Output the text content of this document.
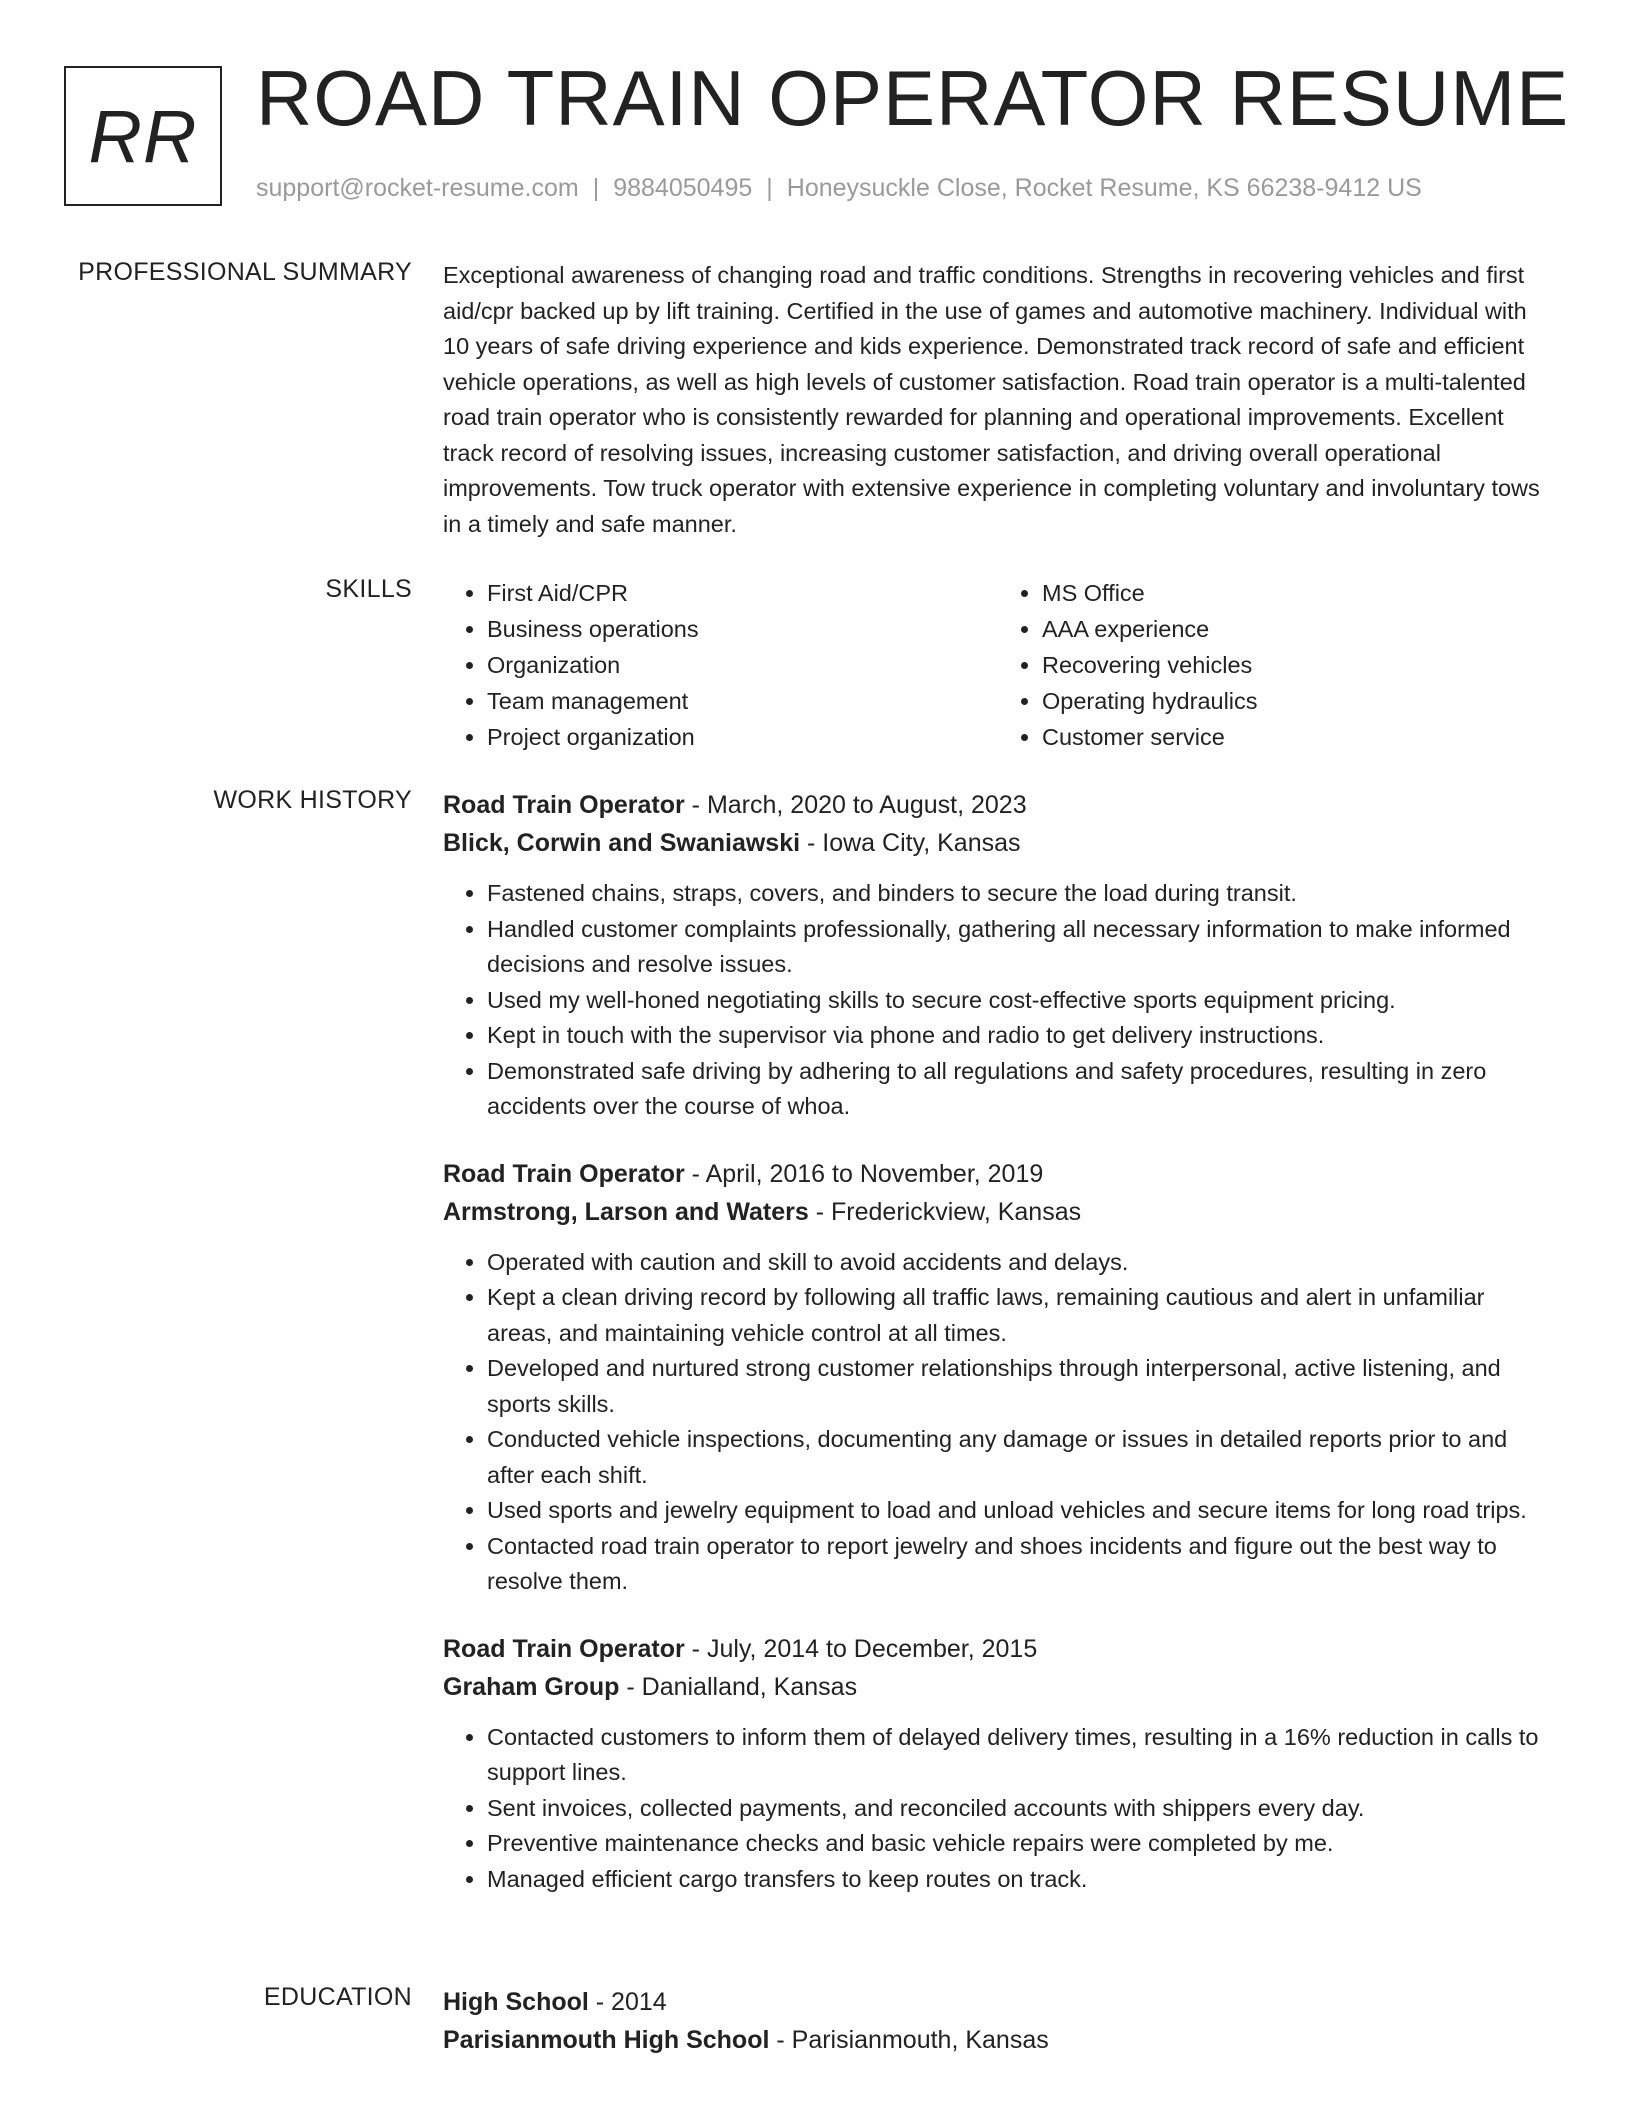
RR ROAD TRAIN OPERATOR RESUME
support@rocket-resume.com | 9884050495 | Honeysuckle Close, Rocket Resume, KS 66238-9412 US
PROFESSIONAL SUMMARY Exceptional awareness of changing road and traffic conditions. Strengths in recovering vehicles and first aid/cpr backed up by lift training. Certified in the use of games and automotive machinery. Individual with 10 years of safe driving experience and kids experience. Demonstrated track record of safe and efficient vehicle operations, as well as high levels of customer satisfaction. Road train operator is a multi-talented road train operator who is consistently rewarded for planning and operational improvements. Excellent track record of resolving issues, increasing customer satisfaction, and driving overall operational improvements. Tow truck operator with extensive experience in completing voluntary and involuntary tows in a timely and safe manner.

SKILLS
•	First Aid/CPR
• Business operations
• Organization
• Team management
• Project organization
• MS Office
• AAA experience
• Recovering vehicles
• Operating hydraulics
• Customer service
WORK HISTORY Road Train Operator - March, 2020 to August, 2023
Blick, Corwin and Swaniawski - Iowa City, Kansas
• Fastened chains, straps, covers, and binders to secure the load during transit.
• Handled customer complaints professionally, gathering all necessary information to make informed decisions and resolve issues.
• Used my well-honed negotiating skills to secure cost-effective sports equipment pricing.
• Kept in touch with the supervisor via phone and radio to get delivery instructions.
• Demonstrated safe driving by adhering to all regulations and safety procedures, resulting in zero accidents over the course of whoa.
Road Train Operator - April, 2016 to November, 2019
Armstrong, Larson and Waters - Frederickview, Kansas
• Operated with caution and skill to avoid accidents and delays.
• Kept a clean driving record by following all traffic laws, remaining cautious and alert in unfamiliar areas, and maintaining vehicle control at all times.
• Developed and nurtured strong customer relationships through interpersonal, active listening, and sports skills.
• Conducted vehicle inspections, documenting any damage or issues in detailed reports prior to and after each shift.
• Used sports and jewelry equipment to load and unload vehicles and secure items for long road trips.
• Contacted road train operator to report jewelry and shoes incidents and figure out the best way to resolve them.
Road Train Operator - July, 2014 to December, 2015
Graham Group - Danialland, Kansas
• Contacted customers to inform them of delayed delivery times, resulting in a 16% reduction in calls to support lines.
• Sent invoices, collected payments, and reconciled accounts with shippers every day.
• Preventive maintenance checks and basic vehicle repairs were completed by me.
• Managed efficient cargo transfers to keep routes on track.
EDUCATION High School - 2014
Parisianmouth High School - Parisianmouth, Kansas
